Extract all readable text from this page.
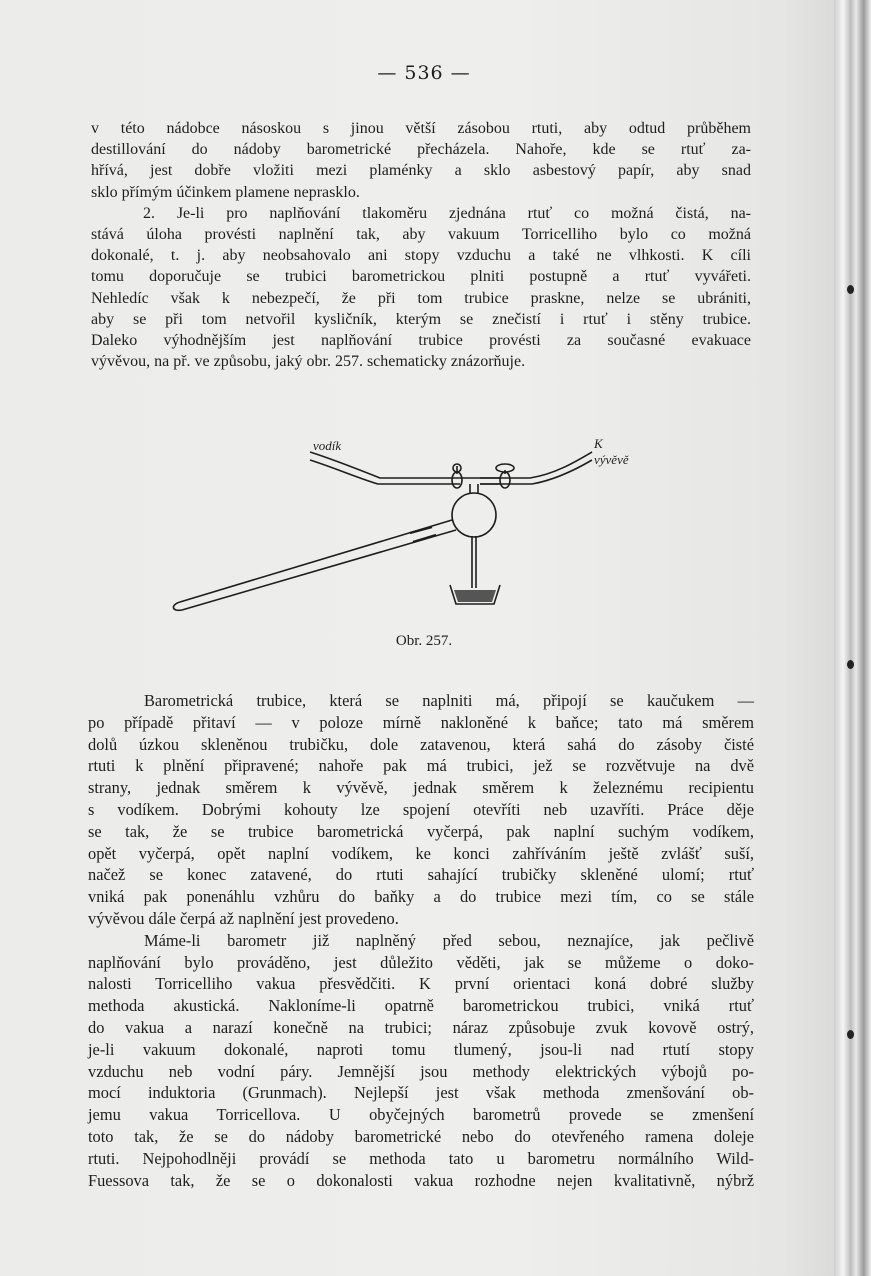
— 536 —

v této nádobce násoskou s jinou větší zásobou rtuti, aby odtud průběhem
destillování do nádoby barometrické přecházela. Nahoře, kde se rtuť za-
hřívá, jest dobře vložiti mezi plaménky a sklo asbestový papír, aby snad
sklo přímým účinkem plamene neprasklo.
2. Je-li pro naplňování tlakoměru zjednána rtuť co možná čistá, na-
stává úloha provésti naplnění tak, aby vakuum Torricelliho bylo co možná
dokonalé, t. j. aby neobsahovalo ani stopy vzduchu a také ne vlhkosti. K cíli
tomu doporučuje se trubici barometrickou plniti postupně a rtuť vyvářeti.
Nehledíc však k nebezpečí, že při tom trubice praskne, nelze se ubrániti,
aby se při tom netvořil kysličník, kterým se znečistí i rtuť i stěny trubice.
Daleko výhodnějším jest naplňování trubice provésti za současné evakuace
vývěvou, na př. ve způsobu, jaký obr. 257. schematicky znázorňuje.

vodík	K vývěvě
Obr. 257.

Barometrická trubice, která se naplniti má, připojí se kaučukem —
po případě přitaví — v poloze mírně nakloněné k baňce; tato má směrem
dolů úzkou skleněnou trubičku, dole zatavenou, která sahá do zásoby čisté
rtuti k plnění připravené; nahoře pak má trubici, jež se rozvětvuje na dvě
strany, jednak směrem k vývěvě, jednak směrem k železnému recipientu
s vodíkem. Dobrými kohouty lze spojení otevříti neb uzavříti. Práce děje
se tak, že se trubice barometrická vyčerpá, pak naplní suchým vodíkem,
opět vyčerpá, opět naplní vodíkem, ke konci zahříváním ještě zvlášť suší,
načež se konec zatavené, do rtuti sahající trubičky skleněné ulomí; rtuť
vniká pak ponenáhlu vzhůru do baňky a do trubice mezi tím, co se stále
vývěvou dále čerpá až naplnění jest provedeno.
Máme-li barometr již naplněný před sebou, neznajíce, jak pečlivě
naplňování bylo prováděno, jest důležito věděti, jak se můžeme o doko-
nalosti Torricelliho vakua přesvědčiti. K první orientaci koná dobré služby
methoda akustická. Nakloníme-li opatrně barometrickou trubici, vniká rtuť
do vakua a narazí konečně na trubici; náraz způsobuje zvuk kovově ostrý,
je-li vakuum dokonalé, naproti tomu tlumený, jsou-li nad rtutí stopy
vzduchu neb vodní páry. Jemnější jsou methody elektrických výbojů po-
mocí induktoria (Grunmach). Nejlepší jest však methoda zmenšování ob-
jemu vakua Torricellova. U obyčejných barometrů provede se zmenšení
toto tak, že se do nádoby barometrické nebo do otevřeného ramena doleje
rtuti. Nejpohodlněji provádí se methoda tato u barometru normálního Wild-
Fuessova tak, že se o dokonalosti vakua rozhodne nejen kvalitativně, nýbrž
